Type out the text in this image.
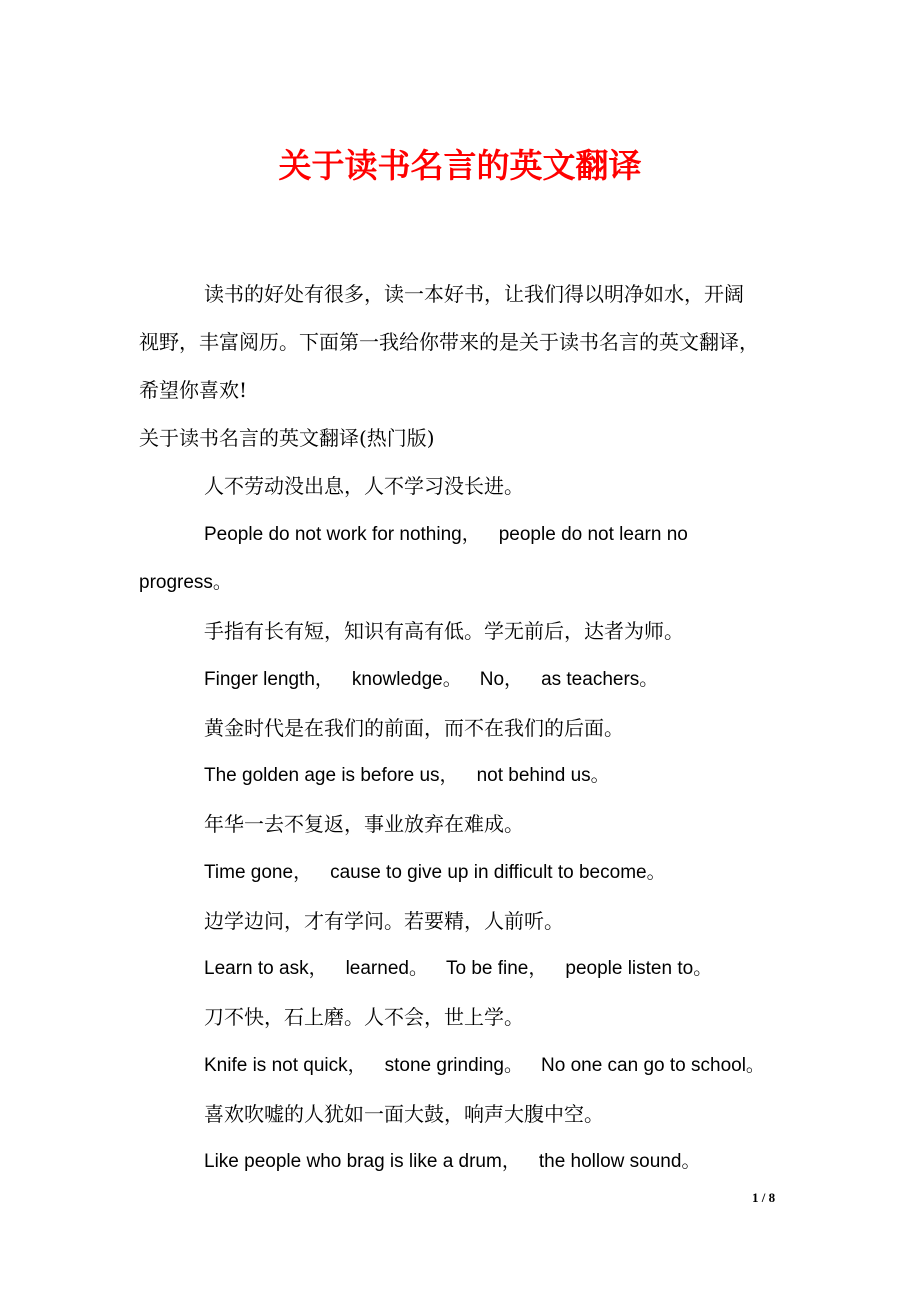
关于读书名言的英文翻译
读书的好处有很多，读一本好书，让我们得以明净如水，开阔
视野，丰富阅历。下面第一我给你带来的是关于读书名言的英文翻译，
希望你喜欢!
关于读书名言的英文翻译(热门版)
人不劳动没出息，人不学习没长进。
People do not work for nothing， people do not learn no
progress。
手指有长有短，知识有高有低。学无前后，达者为师。
Finger length， knowledge。 No， as teachers。
黄金时代是在我们的前面，而不在我们的后面。
The golden age is before us， not behind us。
年华一去不复返，事业放弃在难成。
Time gone， cause to give up in difficult to become。
边学边问，才有学问。若要精，人前听。
Learn to ask， learned。 To be fine， people listen to。
刀不快，石上磨。人不会，世上学。
Knife is not quick， stone grinding。 No one can go to school。
喜欢吹嘘的人犹如一面大鼓，响声大腹中空。
Like people who brag is like a drum， the hollow sound。
1 / 8
